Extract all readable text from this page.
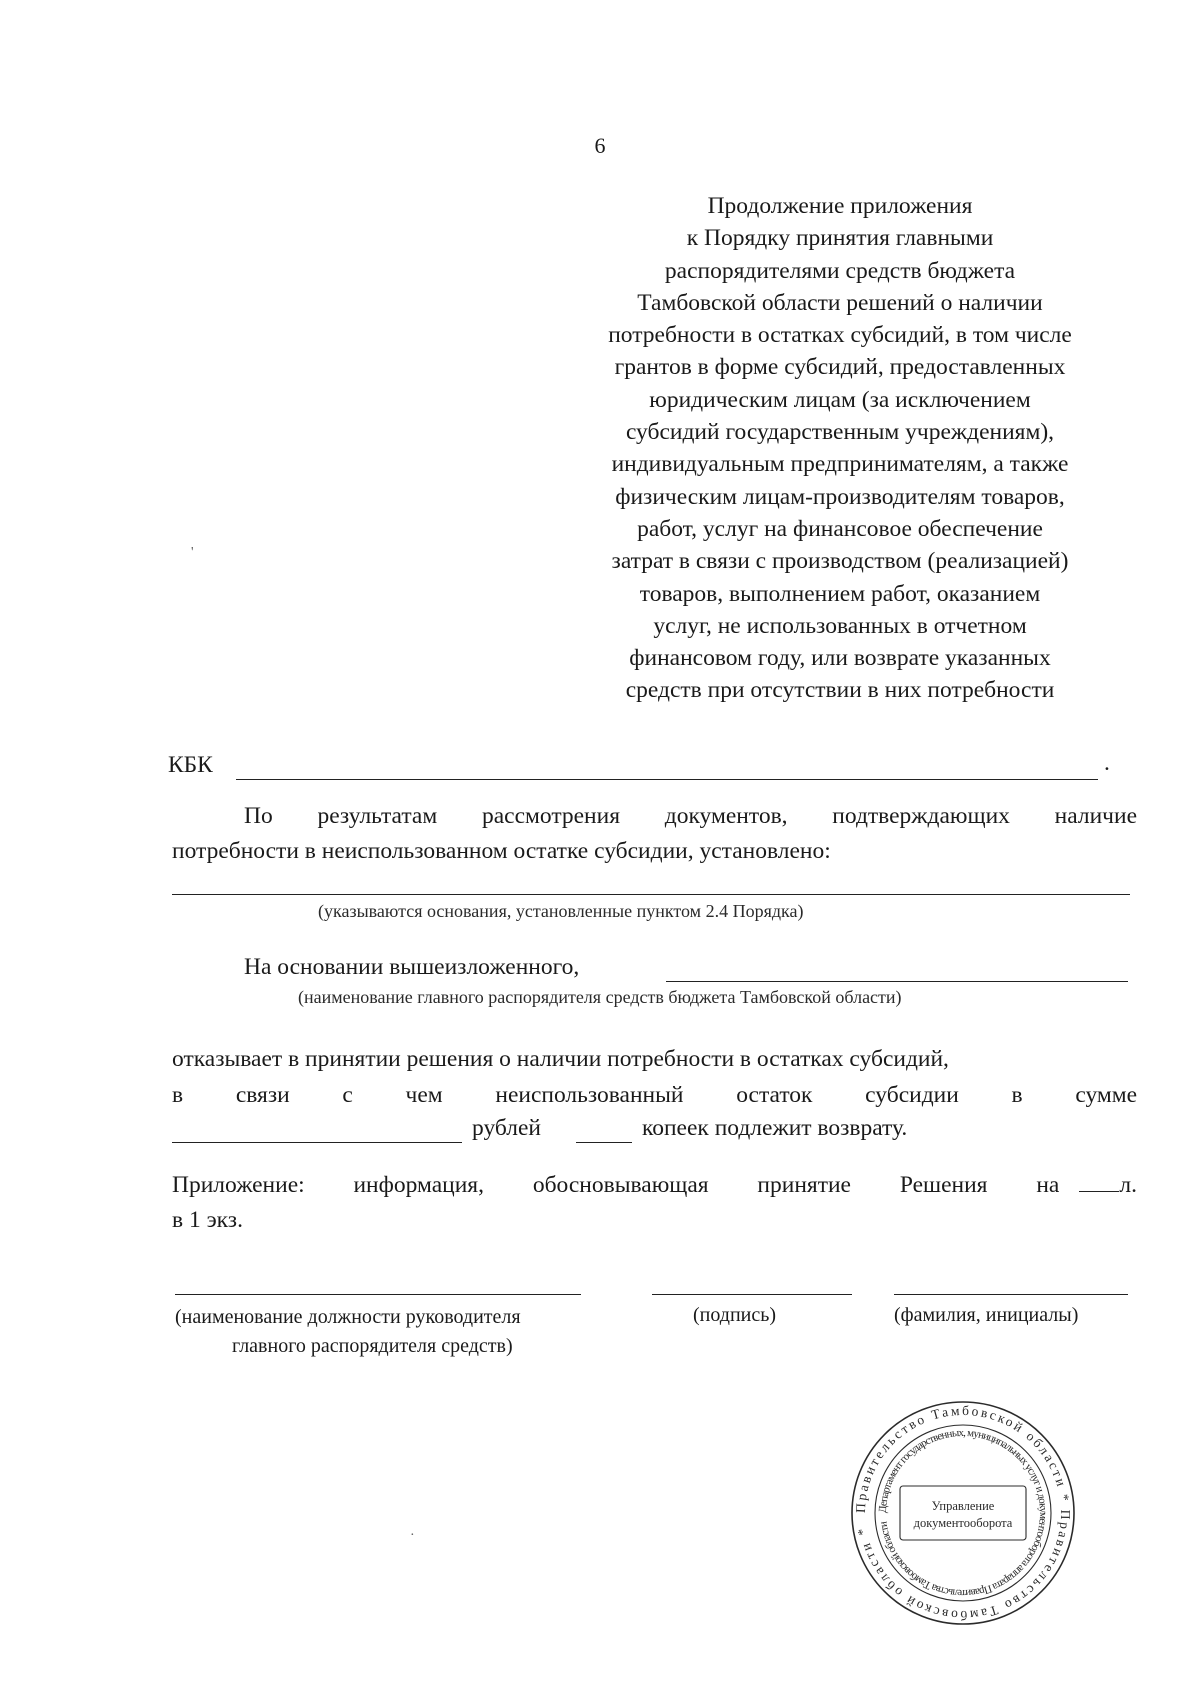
6
Продолжение приложения
к Порядку принятия главными
распорядителями средств бюджета
Тамбовской области решений о наличии
потребности в остатках субсидий, в том числе
грантов в форме субсидий, предоставленных
юридическим лицам (за исключением
субсидий государственным учреждениям),
индивидуальным предпринимателям, а также
физическим лицам-производителям товаров,
работ, услуг на финансовое обеспечение
затрат в связи с производством (реализацией)
товаров, выполнением работ, оказанием
услуг, не использованных в отчетном
финансовом году, или возврате указанных
средств при отсутствии в них потребности
КБК	.
По результатам рассмотрения документов, подтверждающих наличие
потребности в неиспользованном остатке субсидии, установлено:
(указываются основания, установленные пунктом 2.4 Порядка)
На основании вышеизложенного,
(наименование главного распорядителя средств бюджета Тамбовской области)
отказывает в принятии решения о наличии потребности в остатках субсидий,
в связи с чем неиспользованный остаток субсидии в сумме
рублей	копеек подлежит возврату.
Приложение: информация, обосновывающая принятие Решения на	л.
в 1 экз.
(наименование должности руководителя
главного распорядителя средств)
(подпись)	(фамилия, инициалы)
Правительство Тамбовской области * Правительство Тамбовской области *
Департамент государственных, муниципальных услуг и документооборота аппарата Правительства Тамбовской области
Управление
документооборота
'
·
